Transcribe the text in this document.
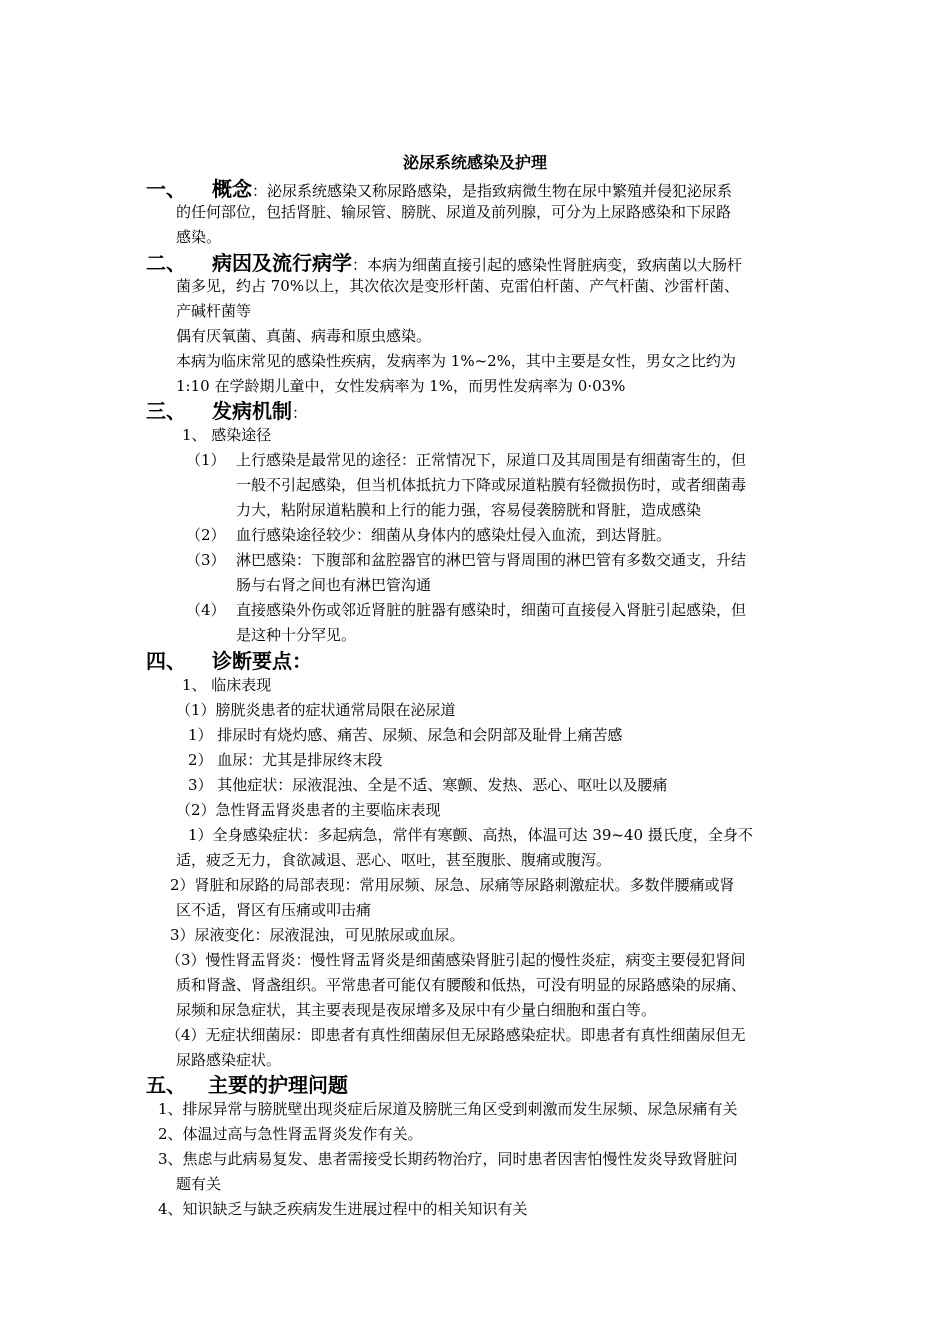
泌尿系统感染及护理
一、 概念：泌尿系统感染又称尿路感染，是指致病微生物在尿中繁殖并侵犯泌尿系
的任何部位，包括肾脏、输尿管、膀胱、尿道及前列腺，可分为上尿路感染和下尿路
感染。
二、 病因及流行病学：本病为细菌直接引起的感染性肾脏病变，致病菌以大肠杆
菌多见，约占 70%以上，其次依次是变形杆菌、克雷伯杆菌、产气杆菌、沙雷杆菌、
产碱杆菌等
偶有厌氧菌、真菌、病毒和原虫感染。
本病为临床常见的感染性疾病，发病率为 1%~2%，其中主要是女性，男女之比约为
1:10 在学龄期儿童中，女性发病率为 1%，而男性发病率为 0·03%
三、 发病机制：
1、 感染途径
（1） 上行感染是最常见的途径：正常情况下，尿道口及其周围是有细菌寄生的，但
一般不引起感染，但当机体抵抗力下降或尿道粘膜有轻微损伤时，或者细菌毒
力大，粘附尿道粘膜和上行的能力强，容易侵袭膀胱和肾脏，造成感染
（2） 血行感染途径较少：细菌从身体内的感染灶侵入血流，到达肾脏。
（3） 淋巴感染：下腹部和盆腔器官的淋巴管与肾周围的淋巴管有多数交通支，升结
肠与右肾之间也有淋巴管沟通
（4） 直接感染外伤或邻近肾脏的脏器有感染时，细菌可直接侵入肾脏引起感染，但
是这种十分罕见。
四、 诊断要点：
1、 临床表现
（1）膀胱炎患者的症状通常局限在泌尿道
1） 排尿时有烧灼感、痛苦、尿频、尿急和会阴部及耻骨上痛苦感
2） 血尿：尤其是排尿终末段
3） 其他症状：尿液混浊、全是不适、寒颤、发热、恶心、呕吐以及腰痛
（2）急性肾盂肾炎患者的主要临床表现
1）全身感染症状：多起病急，常伴有寒颤、高热，体温可达 39~40 摄氏度，全身不
适，疲乏无力，食欲减退、恶心、呕吐，甚至腹胀、腹痛或腹泻。
2）肾脏和尿路的局部表现：常用尿频、尿急、尿痛等尿路刺激症状。多数伴腰痛或肾
区不适，肾区有压痛或叩击痛
3）尿液变化：尿液混浊，可见脓尿或血尿。
（3）慢性肾盂肾炎：慢性肾盂肾炎是细菌感染肾脏引起的慢性炎症，病变主要侵犯肾间
质和肾盏、肾盏组织。平常患者可能仅有腰酸和低热，可没有明显的尿路感染的尿痛、
尿频和尿急症状，其主要表现是夜尿增多及尿中有少量白细胞和蛋白等。
（4）无症状细菌尿：即患者有真性细菌尿但无尿路感染症状。即患者有真性细菌尿但无
尿路感染症状。
五、 主要的护理问题
1、排尿异常与膀胱壁出现炎症后尿道及膀胱三角区受到刺激而发生尿频、尿急尿痛有关
2、体温过高与急性肾盂肾炎发作有关。
3、焦虑与此病易复发、患者需接受长期药物治疗，同时患者因害怕慢性发炎导致肾脏问
题有关
4、知识缺乏与缺乏疾病发生进展过程中的相关知识有关
